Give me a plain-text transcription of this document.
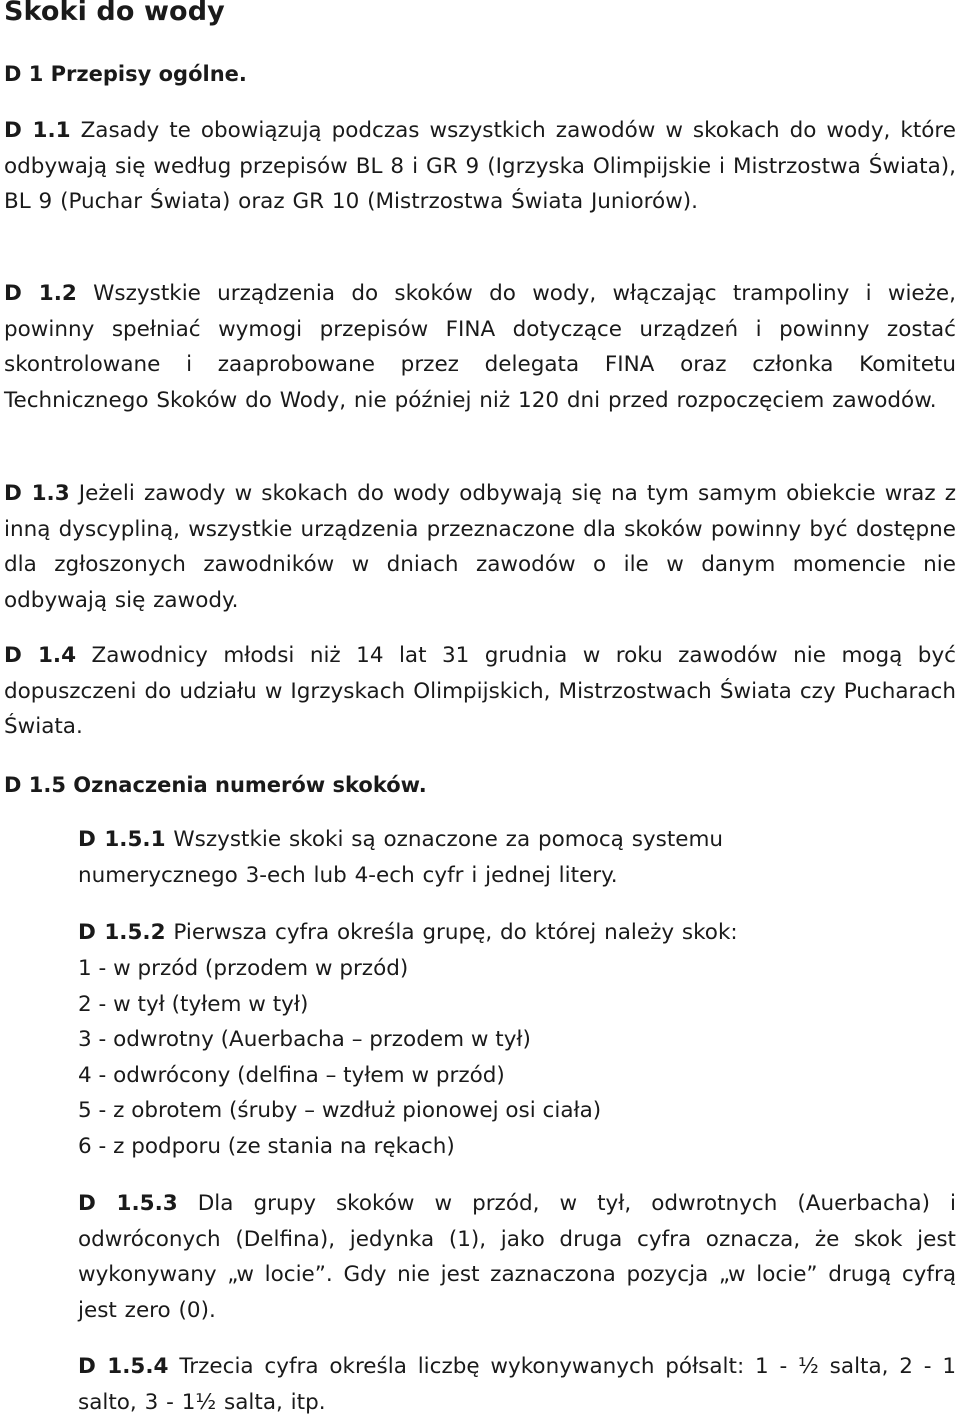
Skoki do wody

D 1 Przepisy ogólne.

D 1.1 Zasady te obowiązują podczas wszystkich zawodów w skokach do wody, które odbywają się według przepisów BL 8 i GR 9 (Igrzyska Olimpijskie i Mistrzostwa Świata), BL 9 (Puchar Świata) oraz GR 10 (Mistrzostwa Świata Juniorów).

D 1.2 Wszystkie urządzenia do skoków do wody, włączając trampoliny i wieże, powinny spełniać wymogi przepisów FINA dotyczące urządzeń i powinny zostać skontrolowane i zaaprobowane przez delegata FINA oraz członka Komitetu Technicznego Skoków do Wody, nie później niż 120 dni przed rozpoczęciem zawodów.

D 1.3 Jeżeli zawody w skokach do wody odbywają się na tym samym obiekcie wraz z inną dyscypliną, wszystkie urządzenia przeznaczone dla skoków powinny być dostępne dla zgłoszonych zawodników w dniach zawodów o ile w danym momencie nie odbywają się zawody.

D 1.4 Zawodnicy młodsi niż 14 lat 31 grudnia w roku zawodów nie mogą być dopuszczeni do udziału w Igrzyskach Olimpijskich, Mistrzostwach Świata czy Pucharach Świata.

D 1.5 Oznaczenia numerów skoków.

D 1.5.1 Wszystkie skoki są oznaczone za pomocą systemu numerycznego 3-ech lub 4-ech cyfr i jednej litery.

D 1.5.2 Pierwsza cyfra określa grupę, do której należy skok:

1 - w przód (przodem w przód)
2 - w tył (tyłem w tył)
3 - odwrotny (Auerbacha – przodem w tył)
4 - odwrócony (delfina – tyłem w przód)
5 - z obrotem (śruby – wzdłuż pionowej osi ciała)
6 - z podporu (ze stania na rękach)

D 1.5.3 Dla grupy skoków w przód, w tył, odwrotnych (Auerbacha) i odwróconych (Delfina), jedynka (1), jako druga cyfra oznacza, że skok jest wykonywany „w locie”. Gdy nie jest zaznaczona pozycja „w locie” drugą cyfrą jest zero (0).

D 1.5.4 Trzecia cyfra określa liczbę wykonywanych półsalt: 1 - ½ salta, 2 - 1 salto, 3 - 1½ salta, itp.
